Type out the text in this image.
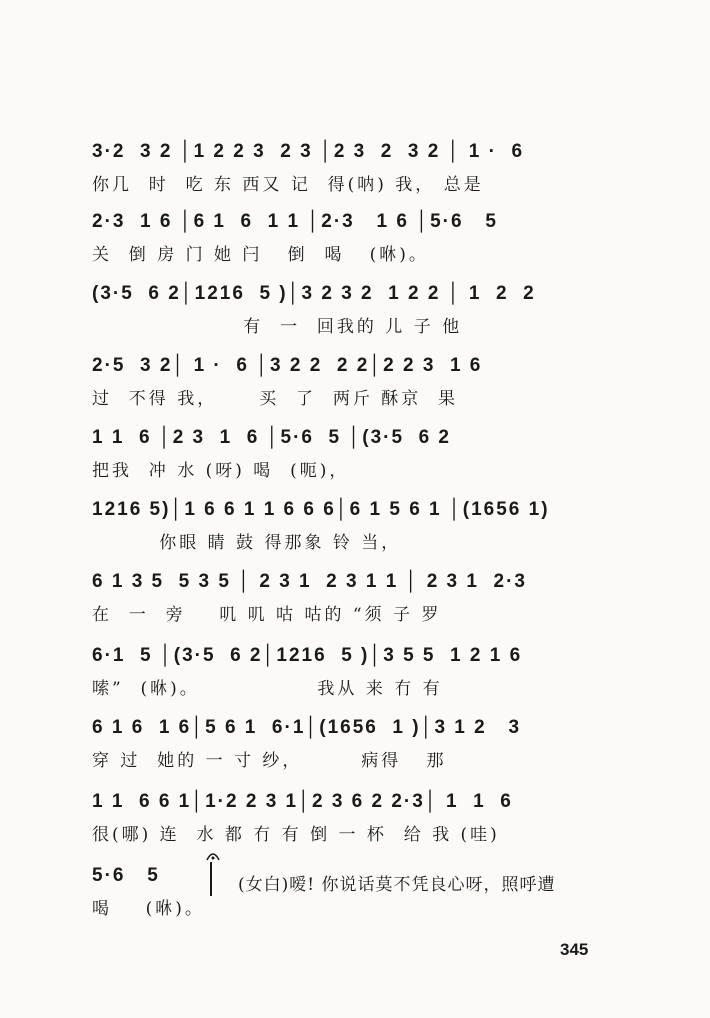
3·2  3 2 │1 2 2 3  2 3 │2 3  2  3 2 │ 1 ·  6
你几  时  吃 东 西又 记  得(呐) 我， 总是
2·3  1 6 │6 1  6  1 1 │2·3   1 6 │5·6   5
关  倒 房 门 她 闩   倒  喝   (咻)。
(3·5  6 2│1216  5 )│3 2 3 2  1 2 2 │ 1  2  2
有  一  回我的 儿 子 他
2·5  3 2│ 1 ·  6 │3 2 2  2 2│2 2 3  1 6
过  不得 我，     买  了  两斤 酥京  果
1 1  6 │2 3  1  6 │5·6  5 │(3·5  6 2
把我  冲 水 (呀) 喝  (呃)，
1216 5)│1 6 6 1 1 6 6 6│6 1 5 6 1 │(1656 1)
你眼 睛 鼓 得那象 铃 当，
6 1 3 5  5 3 5 │ 2 3 1  2 3 1 1 │ 2 3 1  2·3
在  一  旁    叽 叽 咕 咕的 “须 子 罗
6·1  5 │(3·5  6 2│1216  5 )│3 5 5  1 2 1 6
嗦”  (咻)。              我从 来 冇 有
6 1 6  1 6│5 6 1  6·1│(1656  1 )│3 1 2   3
穿 过  她的 一 寸 纱，       病得   那
1 1  6 6 1│1·2 2 3 1│2 3 6 2 2·3│ 1  1  6
很(哪) 连  水 都 冇 有 倒 一 杯  给 我 (哇)
5·6   5
喝    (咻)。
(女白)嗳! 你说话莫不凭良心呀，照呼遭
345
